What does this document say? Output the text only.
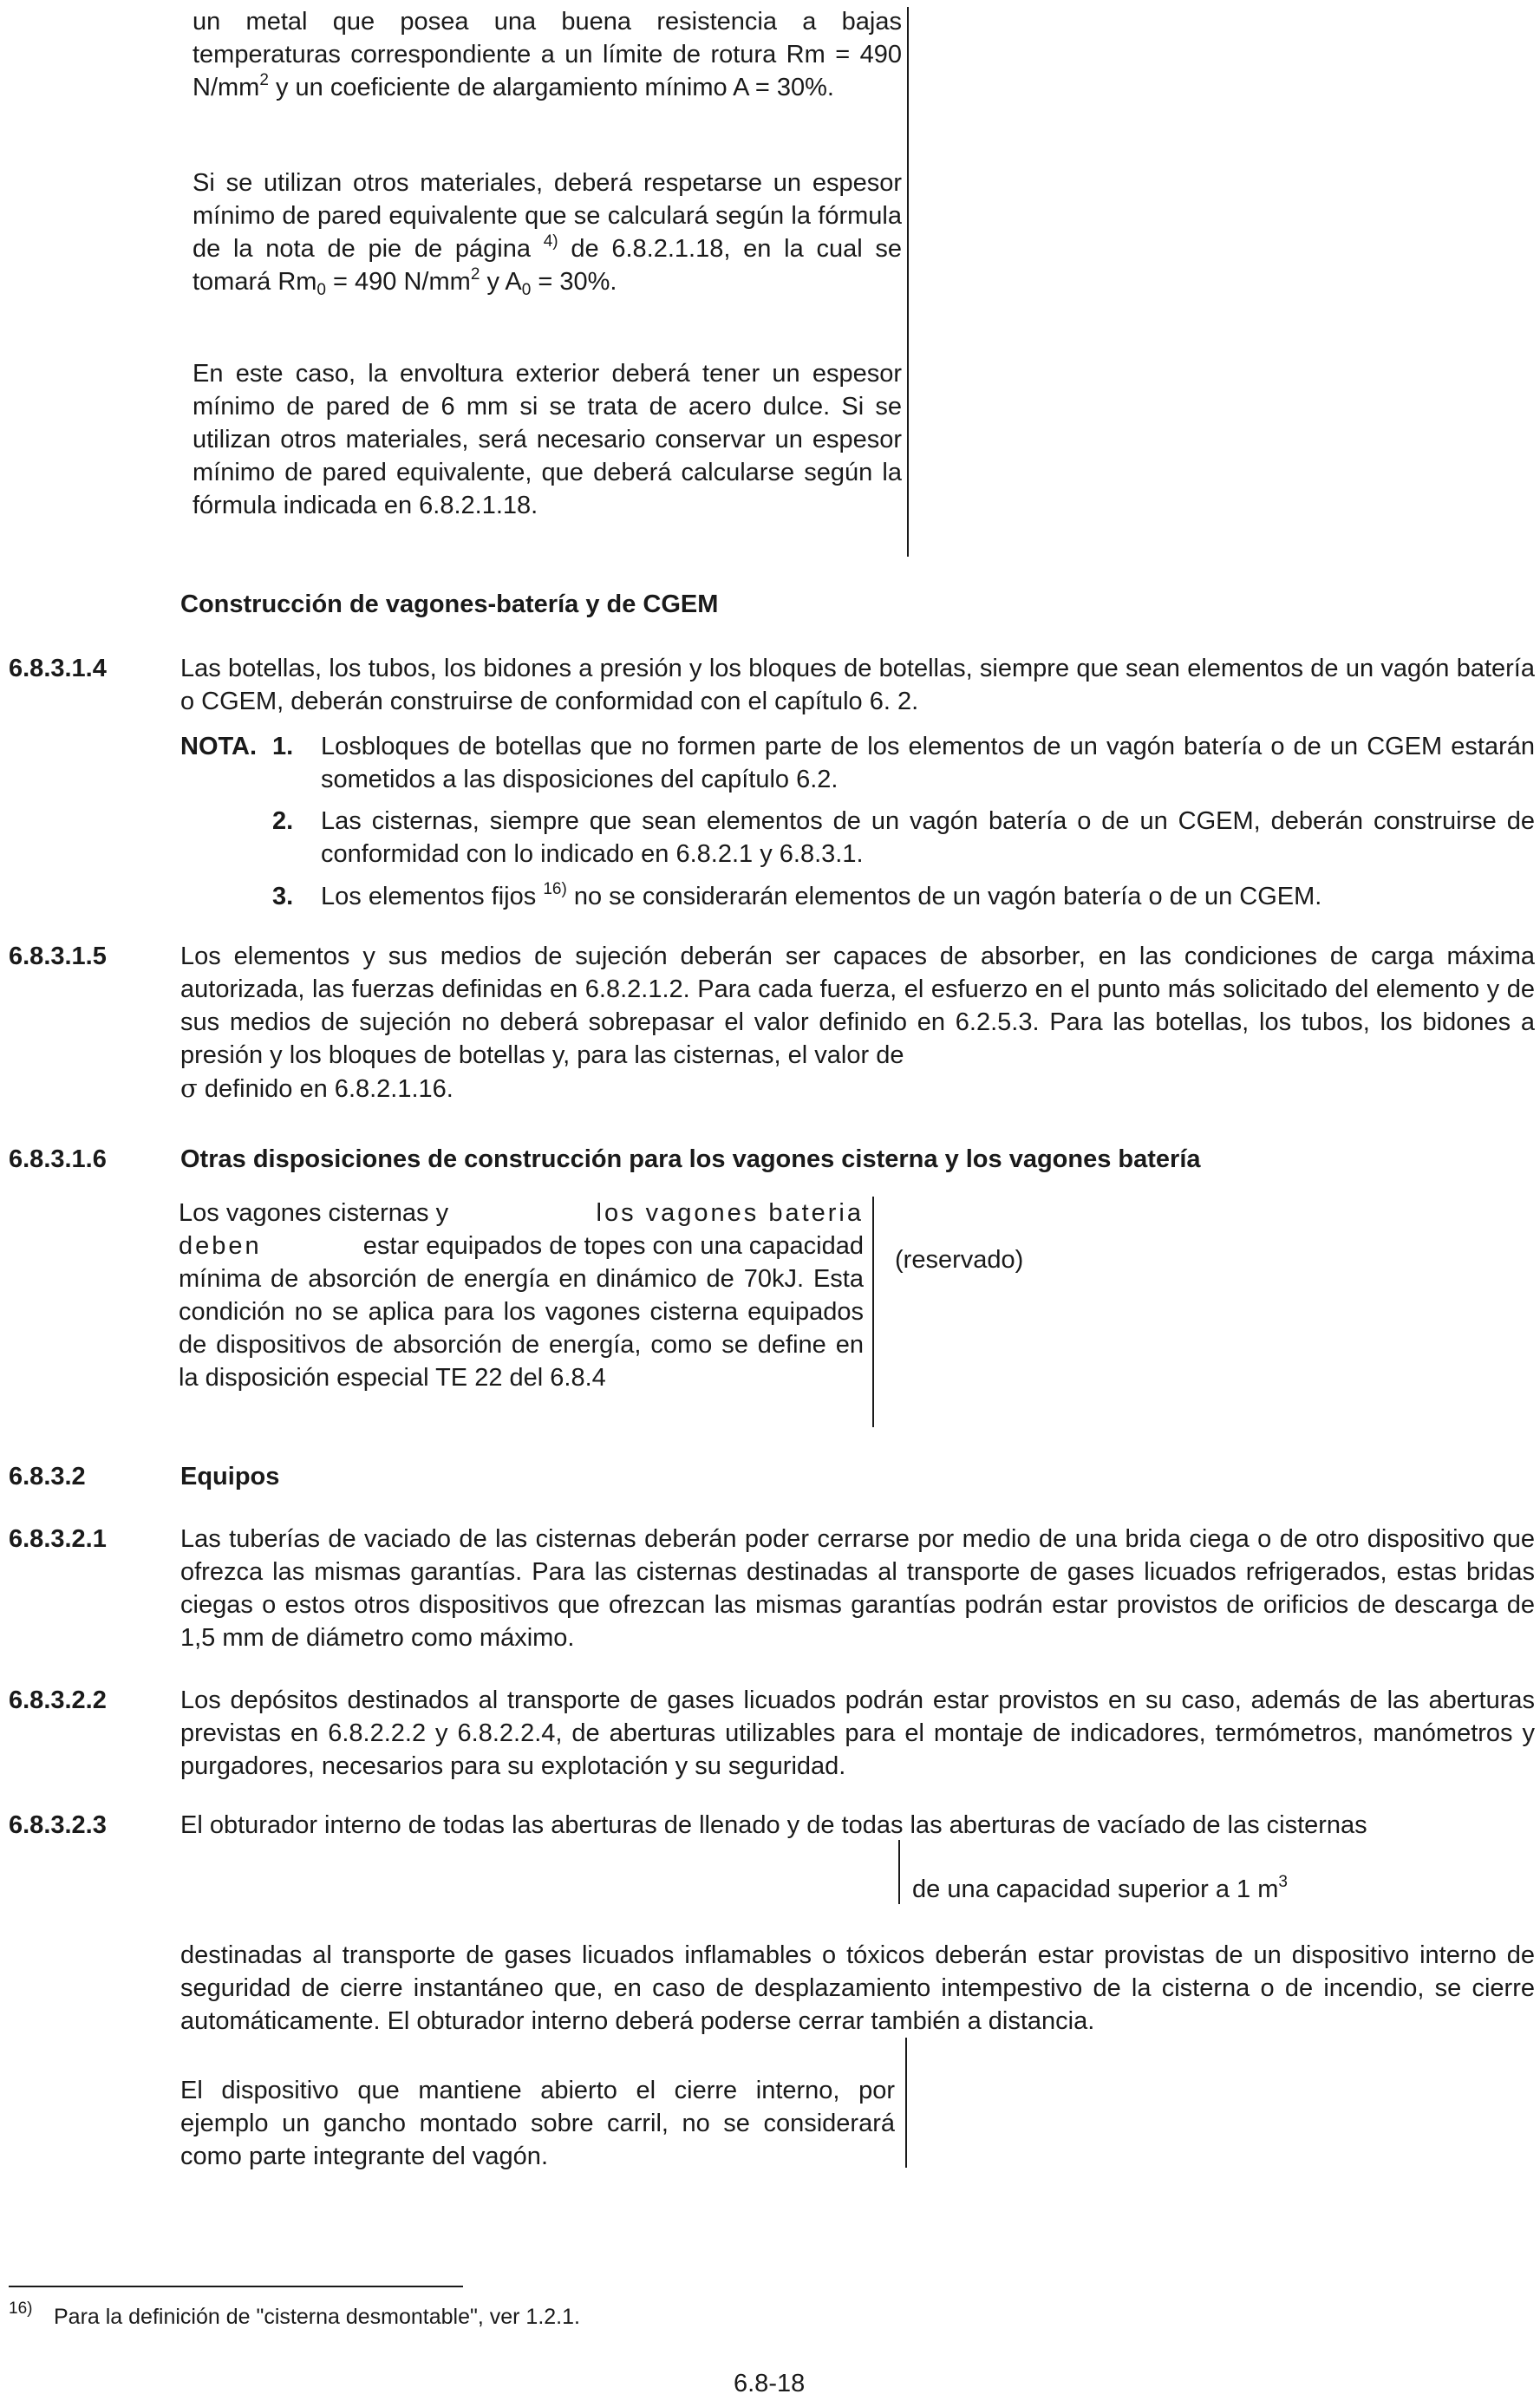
un metal que posea una buena resistencia a bajas temperaturas correspondiente a un límite de rotura Rm = 490 $N/mm^2$ y un coeficiente de alargamiento mínimo A = 30%.

Si se utilizan otros materiales, deberá respetarse un espesor mínimo de pared equivalente que se calculará según la fórmula de la nota de pie de página $^{4)}$ de 6.8.2.1.18, en la cual se tomará $Rm_0 = 490$ $N/mm^2$ y $A_0 = 30\%$.

En este caso, la envoltura exterior deberá tener un espesor mínimo de pared de 6 mm si se trata de acero dulce. Si se utilizan otros materiales, será necesario conservar un espesor mínimo de pared equivalente, que deberá calcularse según la fórmula indicada en 6.8.2.1.18.

Construcción de vagones-batería y de CGEM
6.8.3.1.4	Las botellas, los tubos, los bidones a presión y los bloques de botellas, siempre que sean elementos de un vagón batería o CGEM, deberán construirse de conformidad con el capítulo 6. 2.

NOTA. 1. Losbloques de botellas que no formen parte de los elementos de un vagón batería o de un CGEM estarán sometidos a las disposiciones del capítulo 6.2.

2. Las cisternas, siempre que sean elementos de un vagón batería o de un CGEM, deberán construirse de conformidad con lo indicado en 6.8.2.1 y 6.8.3.1.

3. Los elementos fijos $^{16)}$ no se considerarán elementos de un vagón batería o de un CGEM.

6.8.3.1.5	Los elementos y sus medios de sujeción deberán ser capaces de absorber, en las condiciones de carga máxima autorizada, las fuerzas definidas en 6.8.2.1.2. Para cada fuerza, el esfuerzo en el punto más solicitado del elemento y de sus medios de sujeción no deberá sobrepasar el valor definido en 6.2.5.3. Para las botellas, los tubos, los bidones a presión y los bloques de botellas y, para las cisternas, el valor de
σ definido en 6.8.2.1.16.

6.8.3.1.6	Otras disposiciones de construcción para los vagones cisterna y los vagones batería
Los vagones cisternas y	los vagones bateria
deben	estar equipados de topes con una capacidad
mínima de absorción de energía en dinámico de 70kJ. Esta condición no se aplica para los vagones cisterna equipados de dispositivos de absorción de energía, como se define en la disposición especial TE 22 del 6.8.4
(reservado)
6.8.3.2	Equipos
6.8.3.2.1	Las tuberías de vaciado de las cisternas deberán poder cerrarse por medio de una brida ciega o de otro dispositivo que ofrezca las mismas garantías. Para las cisternas destinadas al transporte de gases licuados refrigerados, estas bridas ciegas o estos otros dispositivos que ofrezcan las mismas garantías podrán estar provistos de orificios de descarga de 1,5 mm de diámetro como máximo.

6.8.3.2.2	Los depósitos destinados al transporte de gases licuados podrán estar provistos en su caso, además de las aberturas previstas en 6.8.2.2.2 y 6.8.2.2.4, de aberturas utilizables para el montaje de indicadores, termómetros, manómetros y purgadores, necesarios para su explotación y su seguridad.

6.8.3.2.3	El obturador interno de todas las aberturas de llenado y de todas las aberturas de vacíado de las cisternas

de una capacidad superior a 1 $m^3$

destinadas al transporte de gases licuados inflamables o tóxicos deberán estar provistas de un dispositivo interno de seguridad de cierre instantáneo que, en caso de desplazamiento intempestivo de la cisterna o de incendio, se cierre automáticamente. El obturador interno deberá poderse cerrar también a distancia.

El dispositivo que mantiene abierto el cierre interno, por ejemplo un gancho montado sobre carril, no se considerará como parte integrante del vagón.

16) Para la definición de "cisterna desmontable", ver 1.2.1.
6.8-18
